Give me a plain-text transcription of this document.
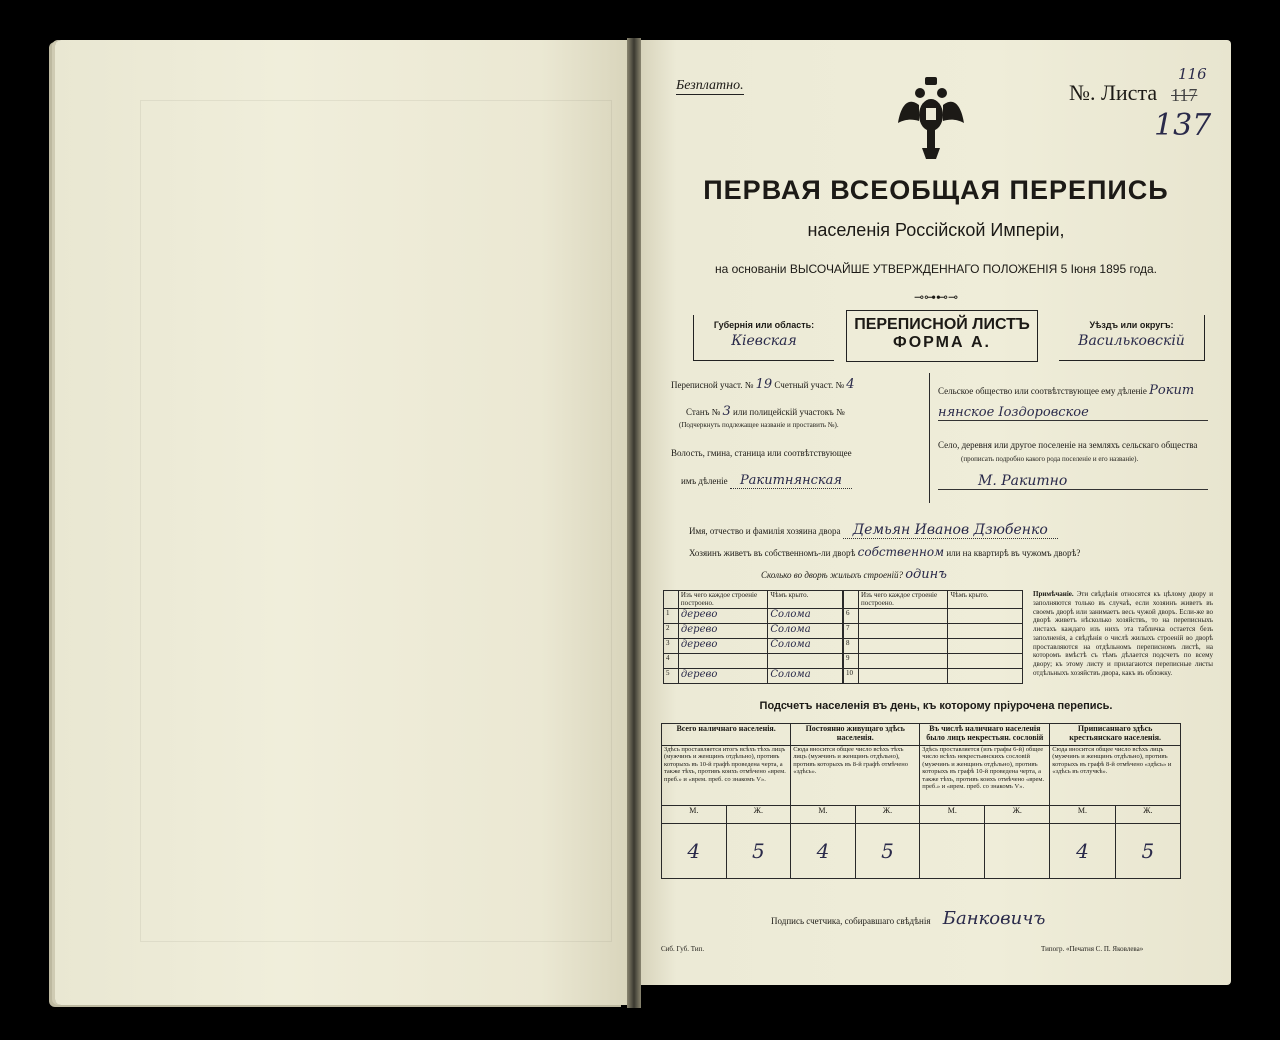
Безплатно.	№. Листа 117
116
137
ПЕРВАЯ ВСЕОБЩАЯ ПЕРЕПИСЬ
населенія Россійской Имперіи,
на основаніи ВЫСОЧАЙШЕ УТВЕРЖДЕННАГО ПОЛОЖЕНІЯ 5 Іюня 1895 года.
⊸⊶⊷⊸
Губернія или область:
Кіевская
ПЕРЕПИСНОЙ ЛИСТЪ
ФОРМА А.
Уѣздъ или округъ:
Васильковскій
Переписной участ. № 19 Счетный участ. № 4
Станъ № 3 или полицейскій участокъ №
(Подчеркнуть подлежащее названіе и проставить №).
Волость, гмина, станица или соотвѣтствующее
имъ дѣленіе Ракитнянская
Сельское общество или соотвѣтствующее ему дѣленіе Рокит
нянское Іоздоровское
Село, деревня или другое поселеніе на земляхъ сельскаго общества
(прописать подробно какого рода поселеніе и его названіе).
М. Ракитно
Имя, отчество и фамилія хозяина двора Демьян Иванов Дзюбенко
Хозяинъ живетъ въ собственномъ-ли дворѣ собственном или на квартирѣ въ чужомъ дворѣ?
Сколько во дворѣ жилыхъ строеній? одинъ
	Изъ чего каждое строеніе построено.	Чѣмъ крыто.
1	дерево	Солома
2	дерево	Солома
3	дерево	Солома
4		
5	дерево	Солома
	Изъ чего каждое строеніе построено.	Чѣмъ крыто.
6		
7		
8		
9		
10		
Примѣчаніе. Эти свѣдѣнія относятся къ цѣлому двору и заполняются только въ случаѣ, если хозяинъ живетъ въ своемъ дворѣ или занимаетъ весь чужой дворъ. Если-же во дворѣ живетъ нѣсколько хозяйствъ, то на переписныхъ листахъ каждаго изъ нихъ эта табличка остается безъ заполненія, а свѣдѣнія о числѣ жилыхъ строеній во дворѣ проставляются на отдѣльномъ переписномъ листѣ, на которомъ вмѣстѣ съ тѣмъ дѣлается подсчетъ по всему двору; къ этому листу и прилагаются переписные листы отдѣльныхъ хозяйствъ двора, какъ въ обложку.
Подсчетъ населенія въ день, къ которому пріурочена перепись.
Всего наличнаго населенія.		Постоянно живущаго здѣсь населенія.		Въ числѣ наличнаго населенія было лицъ некрестьян. сословій		Приписаннаго здѣсь крестьянскаго населенія.	
Здѣсь проставляется итогъ всѣхъ тѣхъ лицъ (мужчинъ и женщинъ отдѣльно), противъ которыхъ въ 10-й графѣ проведена черта, а также тѣхъ, противъ коихъ отмѣчено «врем. преб.» и «врем. преб. со знакомъ V».		Сюда вносится общее число всѣхъ тѣхъ лицъ (мужчинъ и женщинъ отдѣльно), противъ которыхъ въ 8-й графѣ отмѣчено «здѣсь».		Здѣсь проставляется (изъ графы 6-й) общее число всѣхъ некрестьянскихъ сословій (мужчинъ и женщинъ отдѣльно), противъ которыхъ въ графѣ 10-й проведена черта, а также тѣхъ, противъ коихъ отмѣчено «врем. преб.» и «врем. преб. со знакомъ V».		Сюда вносится общее число всѣхъ лицъ (мужчинъ и женщинъ отдѣльно), противъ которыхъ въ графѣ 8-й отмѣчено «здѣсь» и «здѣсь въ отлучкѣ».	
М.	Ж.	М.	Ж.	М.	Ж.	М.	Ж.
4	5	4	5			4	5
Подпись счетчика, собиравшаго свѣдѣнія Банковичъ
Сиб. Губ. Тип.	Типогр. «Печатня С. П. Яковлева»
